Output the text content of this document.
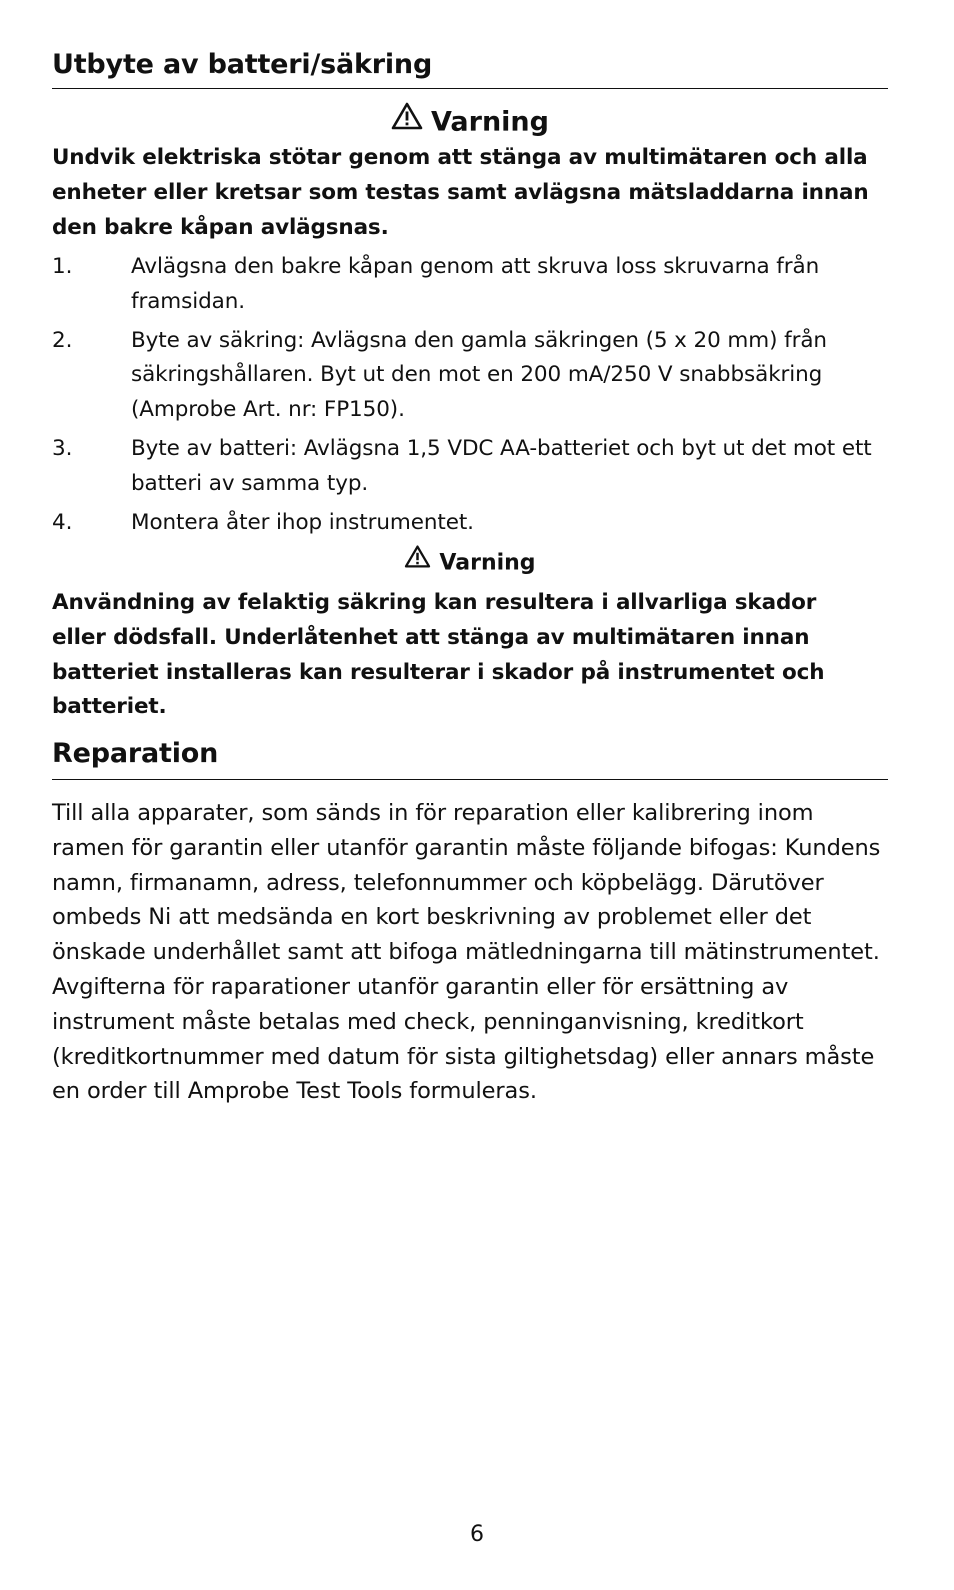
Utbyte av batteri/säkring
Varning
Undvik elektriska stötar genom att stänga av multimätaren och alla enheter eller kretsar som testas samt avlägsna mätsladdarna innan den bakre kåpan avlägsnas.
1.	Avlägsna den bakre kåpan genom att skruva loss skruvarna från framsidan.
2.	Byte av säkring: Avlägsna den gamla säkringen (5 x 20 mm) från säkringshållaren. Byt ut den mot en 200 mA/250 V snabbsäkring (Amprobe Art. nr: FP150).
3.	Byte av batteri: Avlägsna 1,5 VDC AA-batteriet och byt ut det mot ett batteri av samma typ.
4.	Montera åter ihop instrumentet.
Varning
Användning av felaktig säkring kan resultera i allvarliga skador eller dödsfall. Underlåtenhet att stänga av multimätaren innan batteriet installeras kan resulterar i skador på instrumentet och batteriet.
Reparation
Till alla apparater, som sänds in för reparation eller kalibrering inom ramen för garantin eller utanför garantin måste följande bifogas: Kundens namn, firmanamn, adress, telefonnummer och köpbelägg. Därutöver ombeds Ni att medsända en kort beskrivning av problemet eller det önskade underhållet samt att bifoga mätledningarna till mätinstrumentet. Avgifterna för raparationer utanför garantin eller för ersättning av instrument måste betalas med check, penninganvisning, kreditkort (kreditkortnummer med datum för sista giltighetsdag) eller annars måste en order till Amprobe Test Tools formuleras.
6
